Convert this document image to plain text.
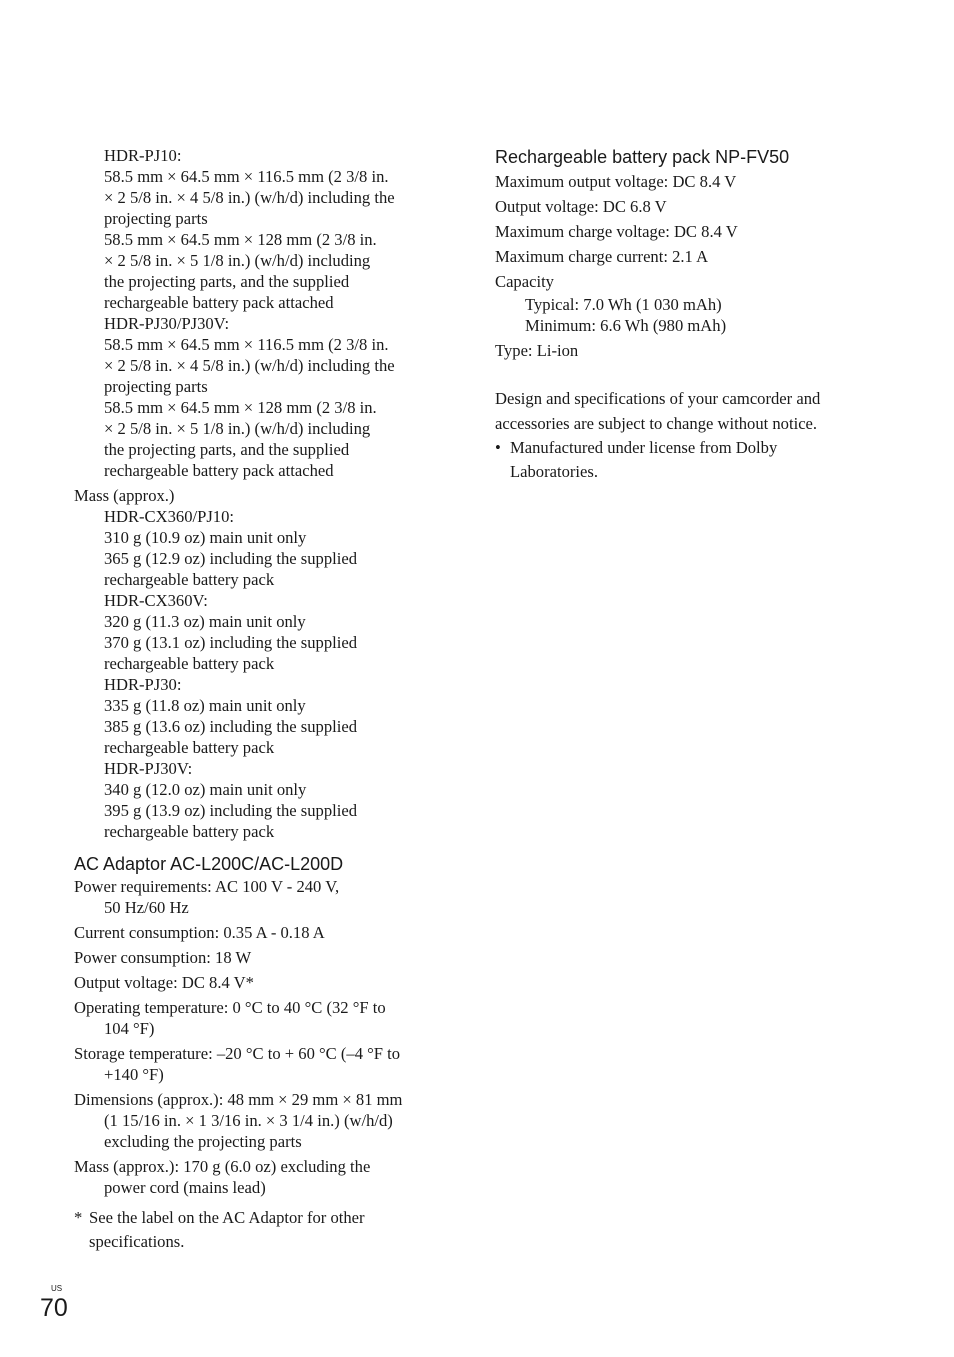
HDR-PJ10:
58.5 mm × 64.5 mm × 116.5 mm (2 3/8 in.
× 2 5/8 in. × 4 5/8 in.) (w/h/d) including the
projecting parts
58.5 mm × 64.5 mm × 128 mm (2 3/8 in.
× 2 5/8 in. × 5 1/8 in.) (w/h/d) including
the projecting parts, and the supplied
rechargeable battery pack attached
HDR-PJ30/PJ30V:
58.5 mm × 64.5 mm × 116.5 mm (2 3/8 in.
× 2 5/8 in. × 4 5/8 in.) (w/h/d) including the
projecting parts
58.5 mm × 64.5 mm × 128 mm (2 3/8 in.
× 2 5/8 in. × 5 1/8 in.) (w/h/d) including
the projecting parts, and the supplied
rechargeable battery pack attached
Mass (approx.)
HDR-CX360/PJ10:
310 g (10.9 oz) main unit only
365 g (12.9 oz) including the supplied
rechargeable battery pack
HDR-CX360V:
320 g (11.3 oz) main unit only
370 g (13.1 oz) including the supplied
rechargeable battery pack
HDR-PJ30:
335 g (11.8 oz) main unit only
385 g (13.6 oz) including the supplied
rechargeable battery pack
HDR-PJ30V:
340 g (12.0 oz) main unit only
395 g (13.9 oz) including the supplied
rechargeable battery pack
AC Adaptor AC-L200C/AC-L200D
Power requirements: AC 100 V - 240 V,
50 Hz/60 Hz
Current consumption: 0.35 A - 0.18 A
Power consumption: 18 W
Output voltage: DC 8.4 V*
Operating temperature: 0 °C to 40 °C (32 °F to
104 °F)
Storage temperature: –20 °C to + 60 °C (–4 °F to
+140 °F)
Dimensions (approx.): 48 mm × 29 mm × 81 mm
(1 15/16 in. × 1 3/16 in. × 3 1/4 in.) (w/h/d)
excluding the projecting parts
Mass (approx.): 170 g (6.0 oz) excluding the
power cord (mains lead)
* See the label on the AC Adaptor for other
specifications.
Rechargeable battery pack NP-FV50
Maximum output voltage: DC 8.4 V
Output voltage: DC 6.8 V
Maximum charge voltage: DC 8.4 V
Maximum charge current: 2.1 A
Capacity
Typical: 7.0 Wh (1 030 mAh)
Minimum: 6.6 Wh (980 mAh)
Type: Li-ion
Design and specifications of your camcorder and
accessories are subject to change without notice.
• Manufactured under license from Dolby
Laboratories.
US
70
